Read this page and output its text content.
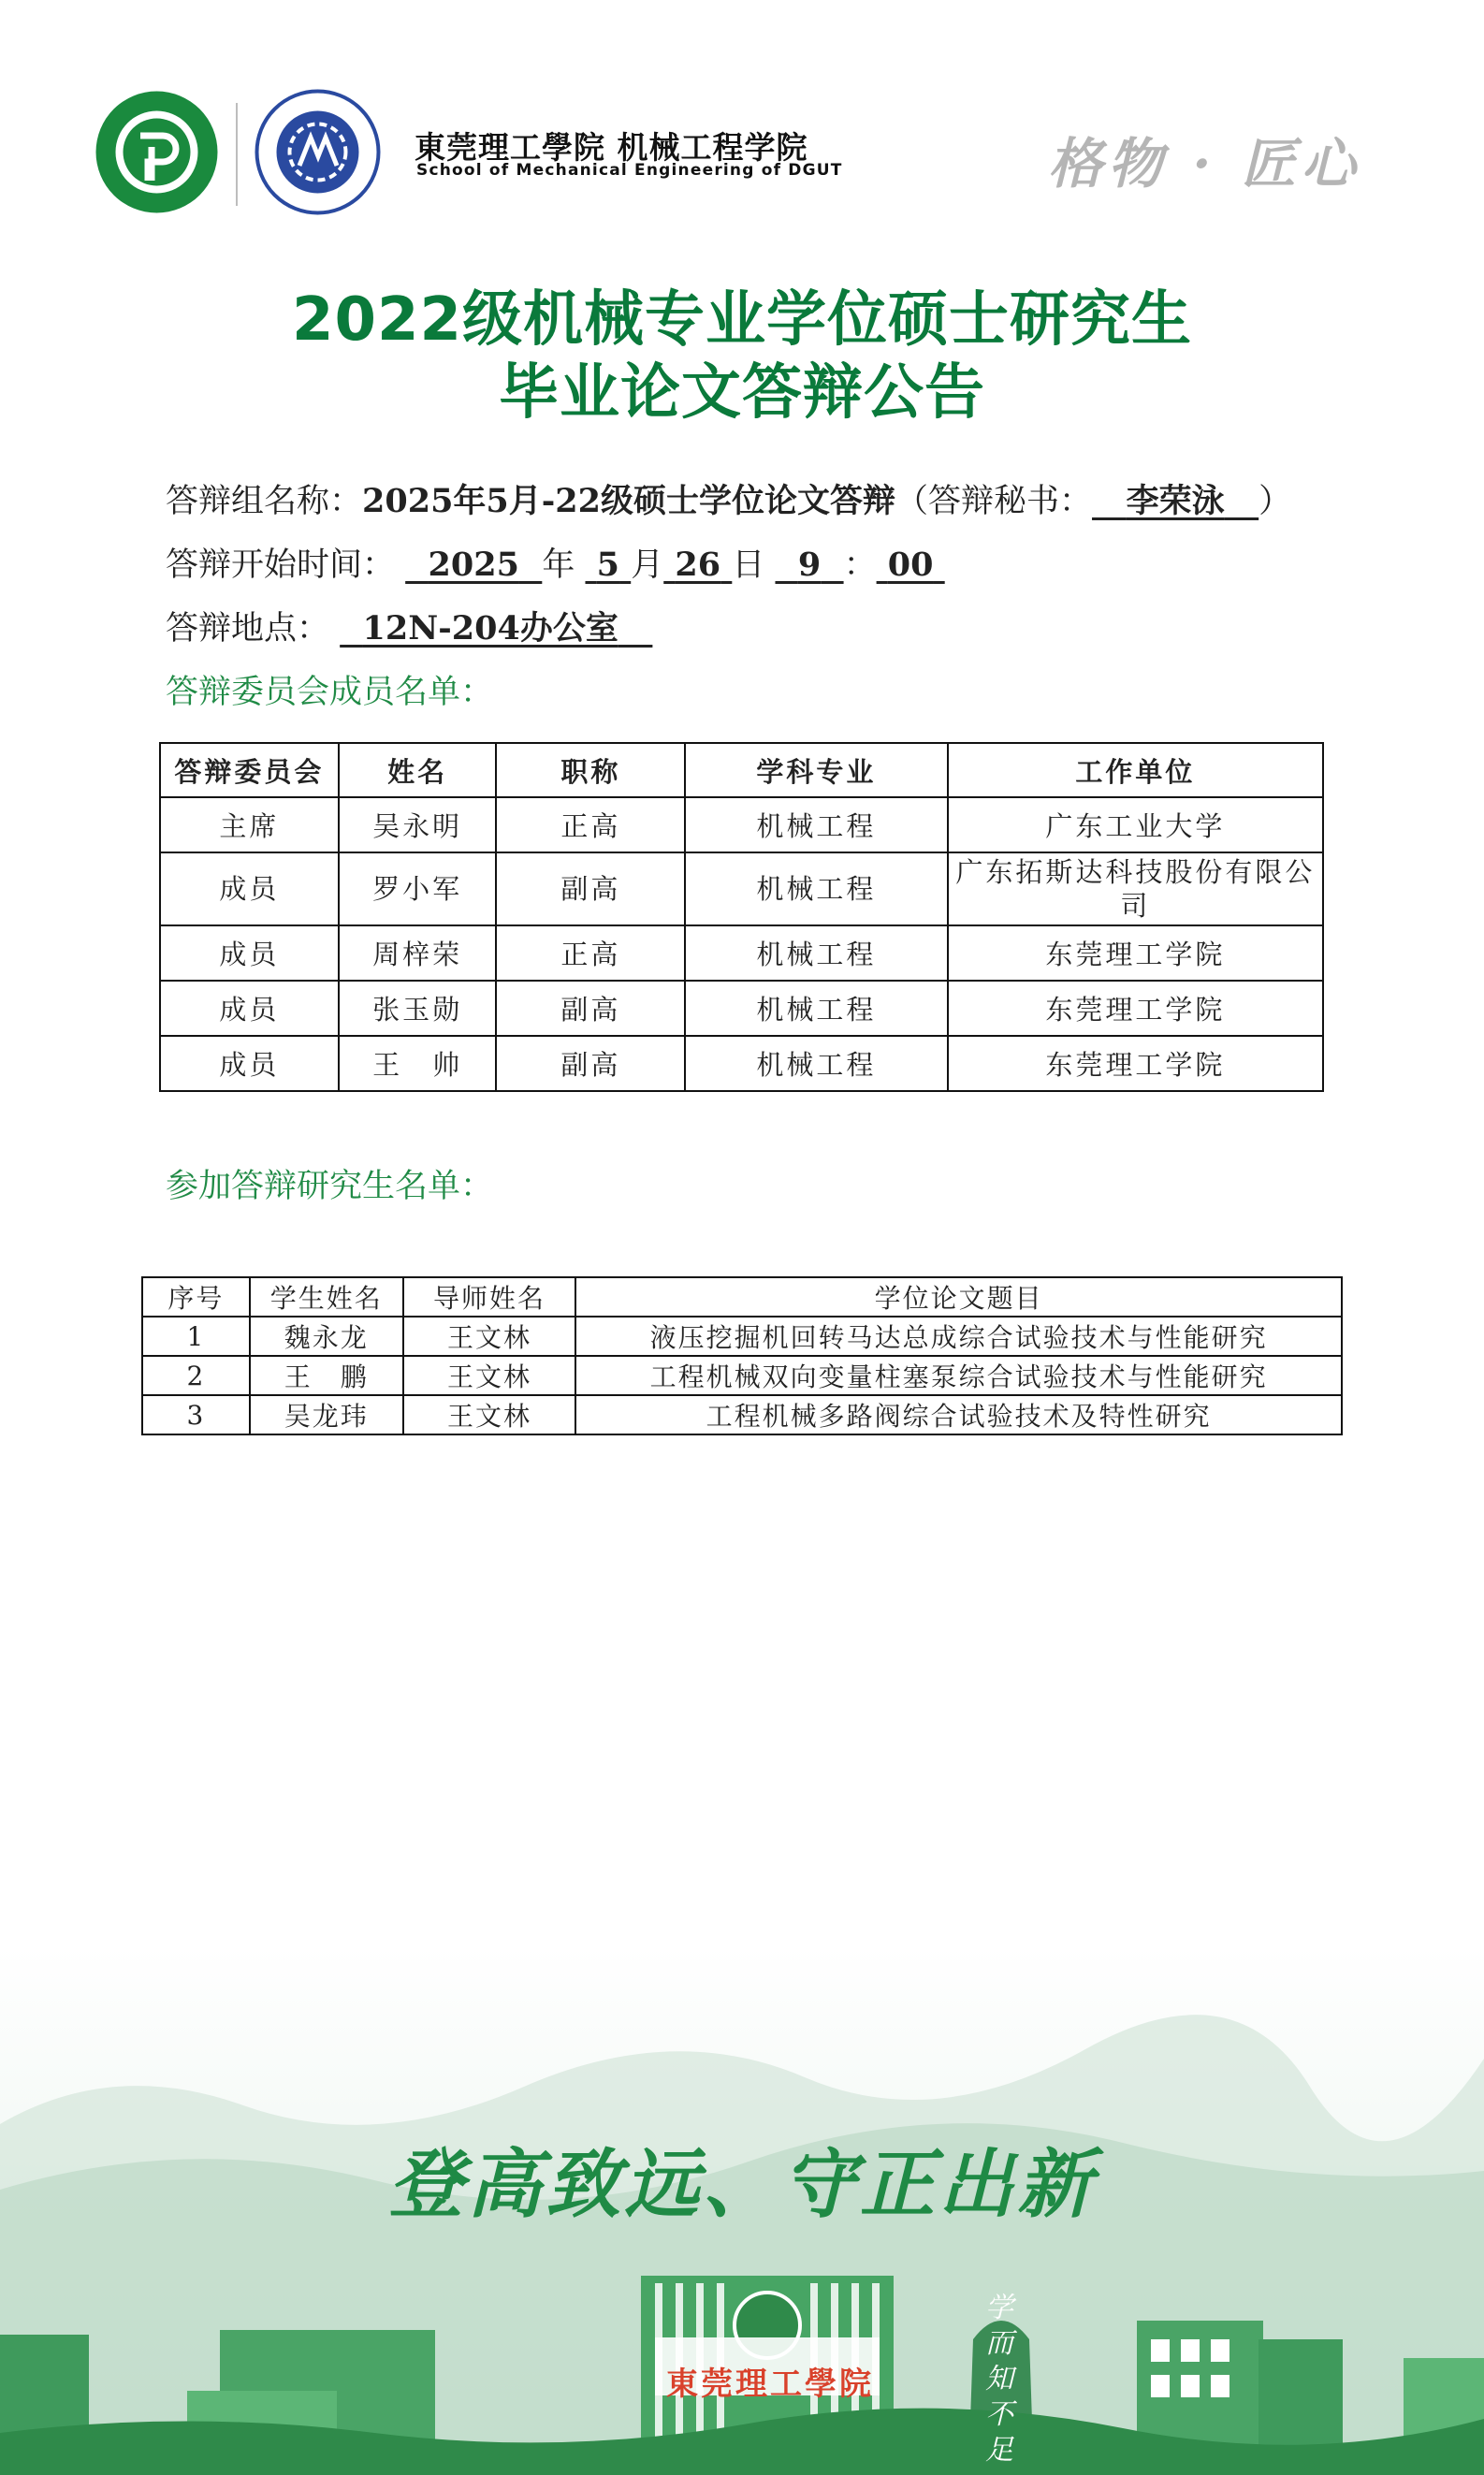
東莞理工學院 机械工程学院
School of Mechanical Engineering of DGUT	格物 · 匠心
2022级机械专业学位硕士研究生
毕业论文答辩公告
答辩组名称：2025年5月-22级硕士学位论文答辩（答辩秘书： 李荣泳 ）
答辩开始时间： 2025 年 5 月 26 日 9 ： 00
答辩地点： 12N-204办公室
答辩委员会成员名单：
答辩委员会	姓名	职称	学科专业	工作单位
主席	吴永明	正高	机械工程	广东工业大学
成员	罗小军	副高	机械工程	广东拓斯达科技股份有限公司
成员	周梓荣	正高	机械工程	东莞理工学院
成员	张玉勋	副高	机械工程	东莞理工学院
成员	王　帅	副高	机械工程	东莞理工学院
参加答辩研究生名单：
序号	学生姓名	导师姓名	学位论文题目
1	魏永龙	王文林	液压挖掘机回转马达总成综合试验技术与性能研究
2	王　鹏	王文林	工程机械双向变量柱塞泵综合试验技术与性能研究
3	吴龙玮	王文林	工程机械多路阀综合试验技术及特性研究
登高致远、守正出新
東莞理工學院
学而知不足
